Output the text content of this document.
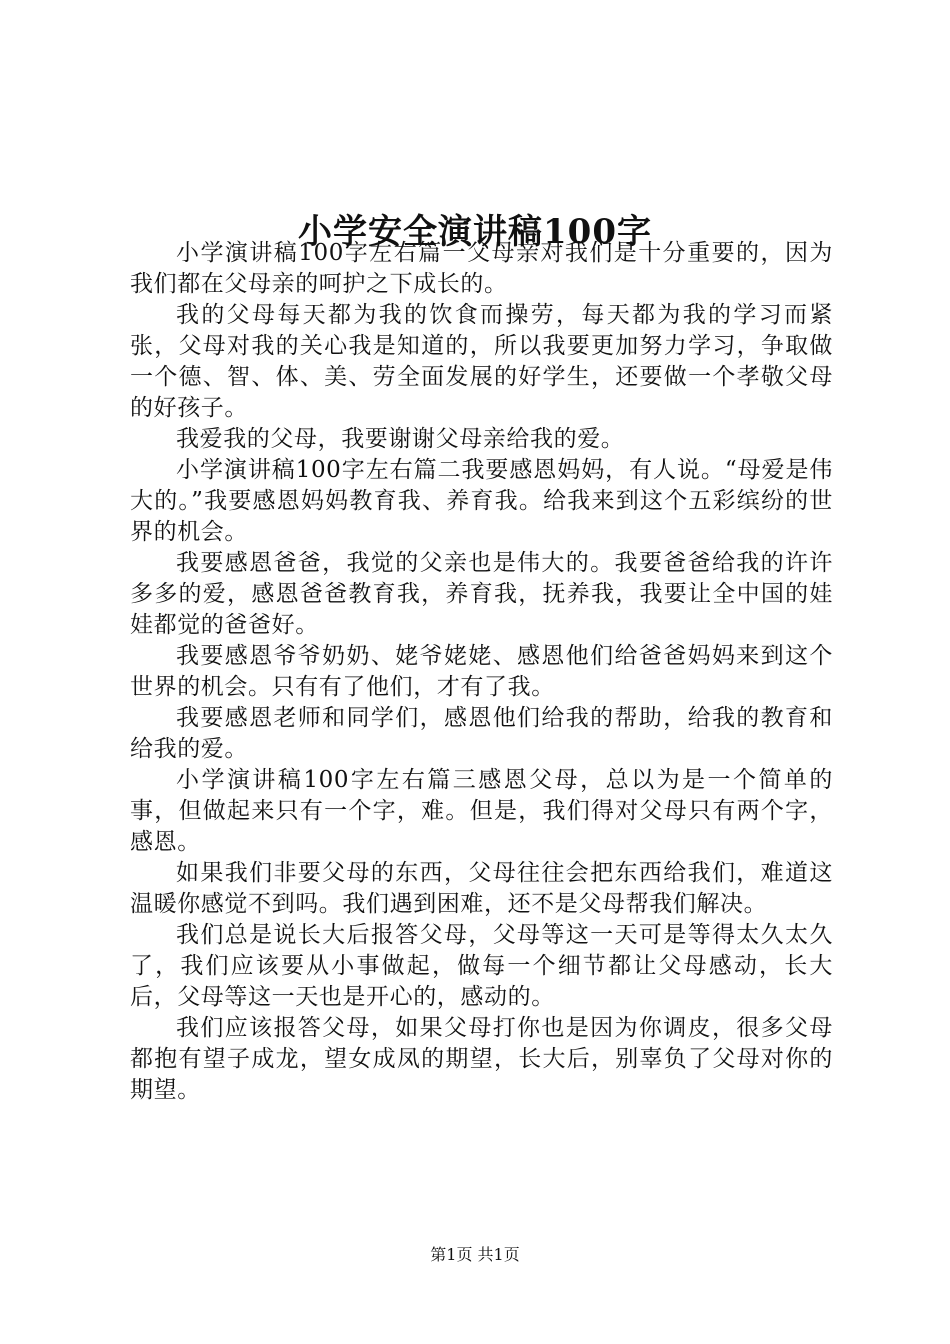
小学安全演讲稿100字

小学演讲稿100字左右篇一父母亲对我们是十分重要的，因为我们都在父母亲的呵护之下成长的。

我的父母每天都为我的饮食而操劳，每天都为我的学习而紧张，父母对我的关心我是知道的，所以我要更加努力学习，争取做一个德、智、体、美、劳全面发展的好学生，还要做一个孝敬父母的好孩子。

我爱我的父母，我要谢谢父母亲给我的爱。

小学演讲稿100字左右篇二我要感恩妈妈，有人说。“母爱是伟大的。”我要感恩妈妈教育我、养育我。给我来到这个五彩缤纷的世界的机会。

我要感恩爸爸，我觉的父亲也是伟大的。我要爸爸给我的许许多多的爱，感恩爸爸教育我，养育我，抚养我，我要让全中国的娃娃都觉的爸爸好。

我要感恩爷爷奶奶、姥爷姥姥、感恩他们给爸爸妈妈来到这个世界的机会。只有有了他们，才有了我。

我要感恩老师和同学们，感恩他们给我的帮助，给我的教育和给我的爱。

小学演讲稿100字左右篇三感恩父母，总以为是一个简单的事，但做起来只有一个字，难。但是，我们得对父母只有两个字，感恩。

如果我们非要父母的东西，父母往往会把东西给我们，难道这温暖你感觉不到吗。我们遇到困难，还不是父母帮我们解决。

我们总是说长大后报答父母，父母等这一天可是等得太久太久了，我们应该要从小事做起，做每一个细节都让父母感动，长大后，父母等这一天也是开心的，感动的。

我们应该报答父母，如果父母打你也是因为你调皮，很多父母都抱有望子成龙，望女成凤的期望，长大后，别辜负了父母对你的期望。

第1页 共1页
